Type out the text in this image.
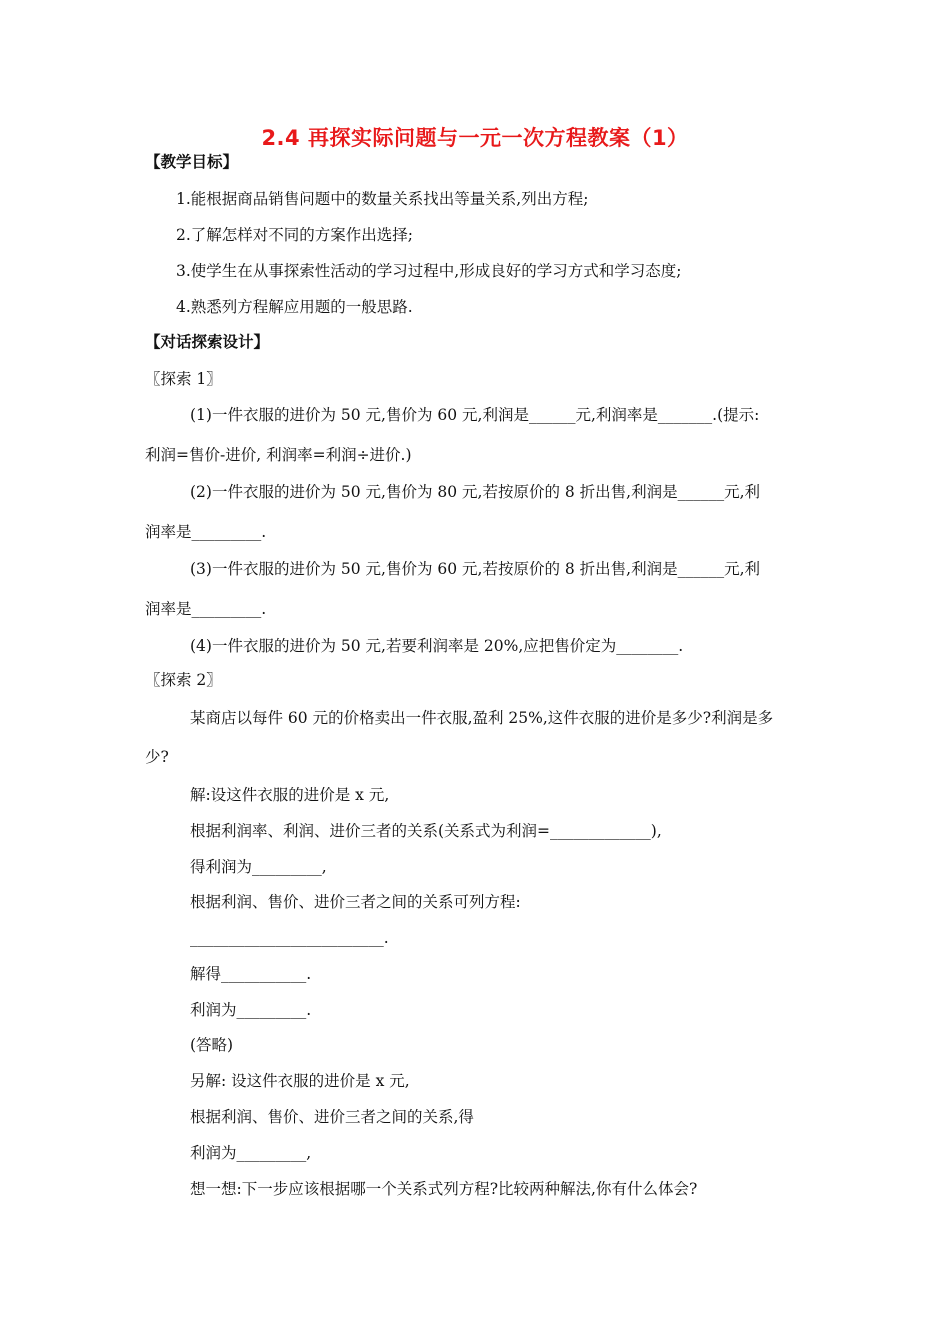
2.4 再探实际问题与一元一次方程教案（1）
【教学目标】
1.能根据商品销售问题中的数量关系找出等量关系,列出方程;
2.了解怎样对不同的方案作出选择;
3.使学生在从事探索性活动的学习过程中,形成良好的学习方式和学习态度;
4.熟悉列方程解应用题的一般思路.
【对话探索设计】
〖探索 1〗
(1)一件衣服的进价为 50 元,售价为 60 元,利润是______元,利润率是_______.(提示:
利润=售价-进价, 利润率=利润÷进价.)
(2)一件衣服的进价为 50 元,售价为 80 元,若按原价的 8 折出售,利润是______元,利
润率是_________.
(3)一件衣服的进价为 50 元,售价为 60 元,若按原价的 8 折出售,利润是______元,利
润率是_________.
(4)一件衣服的进价为 50 元,若要利润率是 20%,应把售价定为________.
〖探索 2〗
某商店以每件 60 元的价格卖出一件衣服,盈利 25%,这件衣服的进价是多少?利润是多
少?
解:设这件衣服的进价是 x 元,
根据利润率、利润、进价三者的关系(关系式为利润=_____________),
得利润为_________,
根据利润、售价、进价三者之间的关系可列方程:
_________________________.
解得___________.
利润为_________.
(答略)
另解: 设这件衣服的进价是 x 元,
根据利润、售价、进价三者之间的关系,得
利润为_________,
想一想:下一步应该根据哪一个关系式列方程?比较两种解法,你有什么体会?
